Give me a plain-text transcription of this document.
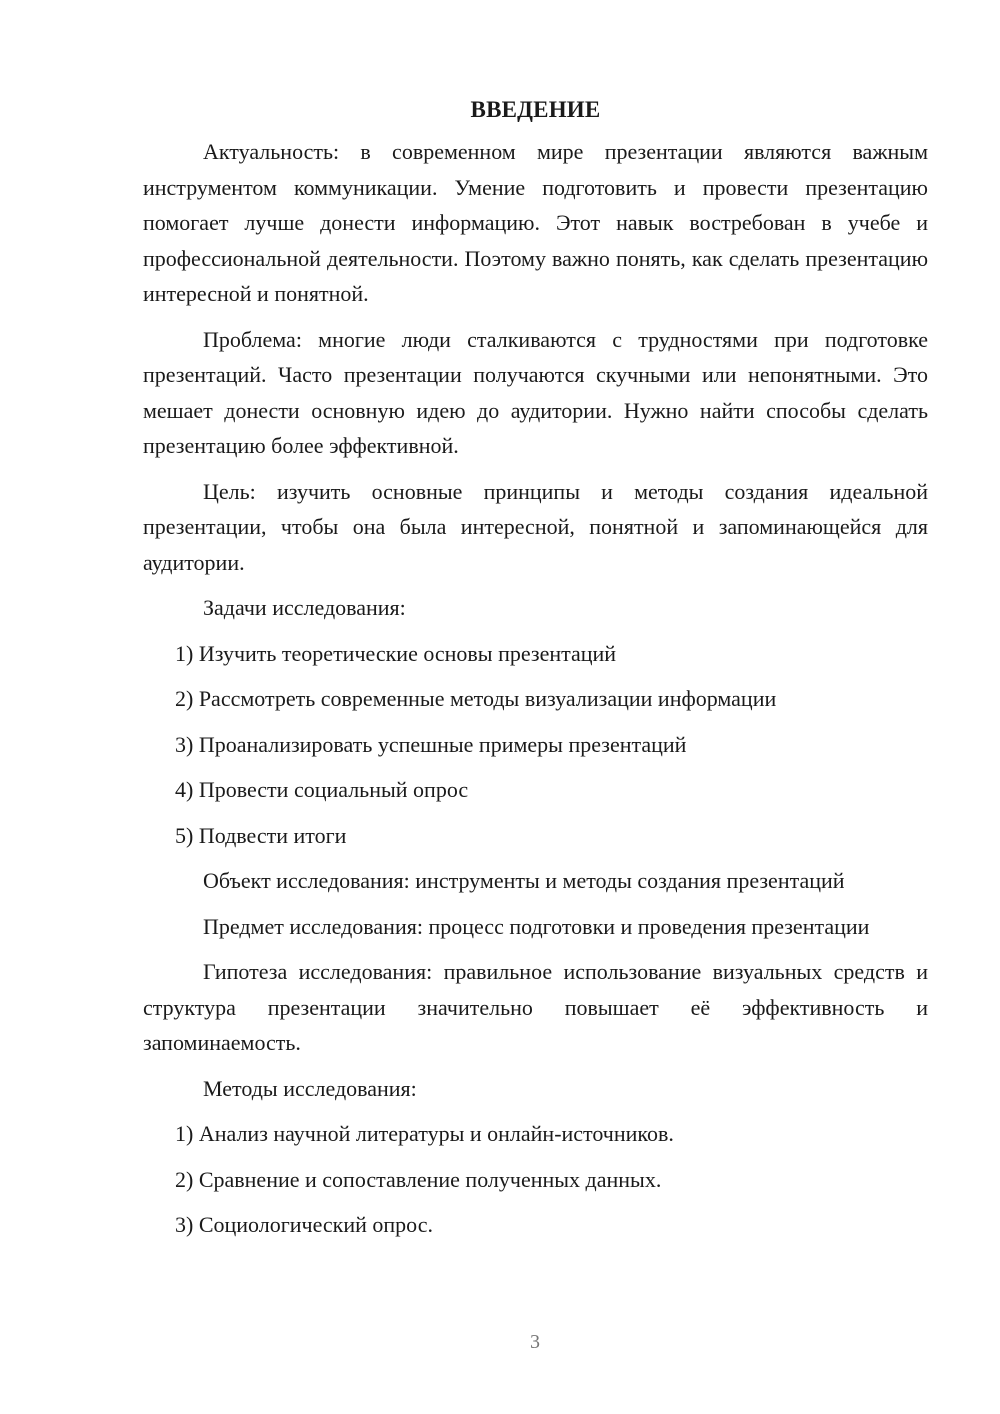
ВВЕДЕНИЕ

Актуальность: в современном мире презентации являются важным инструментом коммуникации. Умение подготовить и провести презентацию помогает лучше донести информацию. Этот навык востребован в учебе и профессиональной деятельности. Поэтому важно понять, как сделать презентацию интересной и понятной.

Проблема: многие люди сталкиваются с трудностями при подготовке презентаций. Часто презентации получаются скучными или непонятными. Это мешает донести основную идею до аудитории. Нужно найти способы сделать презентацию более эффективной.

Цель: изучить основные принципы и методы создания идеальной презентации, чтобы она была интересной, понятной и запоминающейся для аудитории.

Задачи исследования:

1) Изучить теоретические основы презентаций

2) Рассмотреть современные методы визуализации информации

3) Проанализировать успешные примеры презентаций

4) Провести социальный опрос

5) Подвести итоги

Объект исследования: инструменты и методы создания презентаций

Предмет исследования: процесс подготовки и проведения презентации

Гипотеза исследования: правильное использование визуальных средств и структура презентации значительно повышает её эффективность и запоминаемость.

Методы исследования:

1) Анализ научной литературы и онлайн-источников.

2) Сравнение и сопоставление полученных данных.

3) Социологический опрос.

3
